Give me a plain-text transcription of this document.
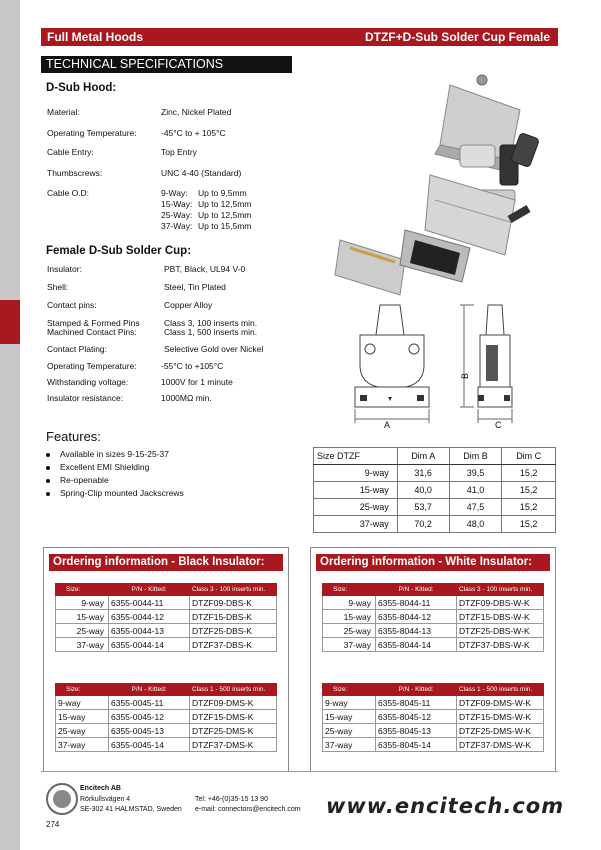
Full Metal Hoods	DTZF+D-Sub Solder Cup Female
TECHNICAL SPECIFICATIONS
D-Sub Hood:
Material:	Zinc, Nickel Plated
Operating Temperature:	-45°C to + 105°C
Cable Entry:	Top Entry
Thumbscrews:	UNC 4-40 (Standard)
Cable O.D:	9-Way: Up to 9,5mm
15-Way: Up to 12,5mm
25-Way: Up to 12,5mm
37-Way: Up to 15,5mm
Female D-Sub Solder Cup:
Insulator:	PBT, Black, UL94 V-0
Shell:	Steel, Tin Plated
Contact pins:	Copper Alloy
Stamped & Formed Pins	Class 3, 100 inserts min.
Machined Contact Pins:	Class 1, 500 inserts min.
Contact Plating:	Selective Gold over Nickel
Operating Temperature:	-55°C to +105°C
Withstanding voltage:	1000V for 1 minute
Insulator resistance:	1000MΩ min.
A	C
B
Features:
Available in sizes 9-15-25-37
Excellent EMI Shielding
Re-openable
Spring-Clip mounted Jackscrews
Size DTZF	Dim A	Dim B	Dim C
9-way	31,6	39,5	15,2
15-way	40,0	41,0	15,2
25-way	53,7	47,5	15,2
37-way	70,2	48,0	15,2
Ordering information - Black Insulator:
Size:	P/N - Kitted:	Class 3 - 100 inserts min.
9-way	6355-0044-11	DTZF09-DBS-K
15-way	6355-0044-12	DTZF15-DBS-K
25-way	6355-0044-13	DTZF25-DBS-K
37-way	6355-0044-14	DTZF37-DBS-K
Size:	P/N - Kitted:	Class 1 - 500 inserts min.
9-way	6355-0045-11	DTZF09-DMS-K
15-way	6355-0045-12	DTZF15-DMS-K
25-way	6355-0045-13	DTZF25-DMS-K
37-way	6355-0045-14	DTZF37-DMS-K
Ordering information - White Insulator:
Size:	P/N - Kitted:	Class 3 - 100 inserts min.
9-way	6355-8044-11	DTZF09-DBS-W-K
15-way	6355-8044-12	DTZF15-DBS-W-K
25-way	6355-8044-13	DTZF25-DBS-W-K
37-way	6355-8044-14	DTZF37-DBS-W-K
Size:	P/N - Kitted:	Class 1 - 500 inserts min.
9-way	6355-8045-11	DTZF09-DMS-W-K
15-way	6355-8045-12	DTZF15-DMS-W-K
25-way	6355-8045-13	DTZF25-DMS-W-K
37-way	6355-8045-14	DTZF37-DMS-W-K
Encitech AB
Rörkullsvägen 4
SE-302 41 HALMSTAD, Sweden
Tel: +46-(0)35-15 13 90
e-mail: connectors@encitech.com www.encitech.com
274
